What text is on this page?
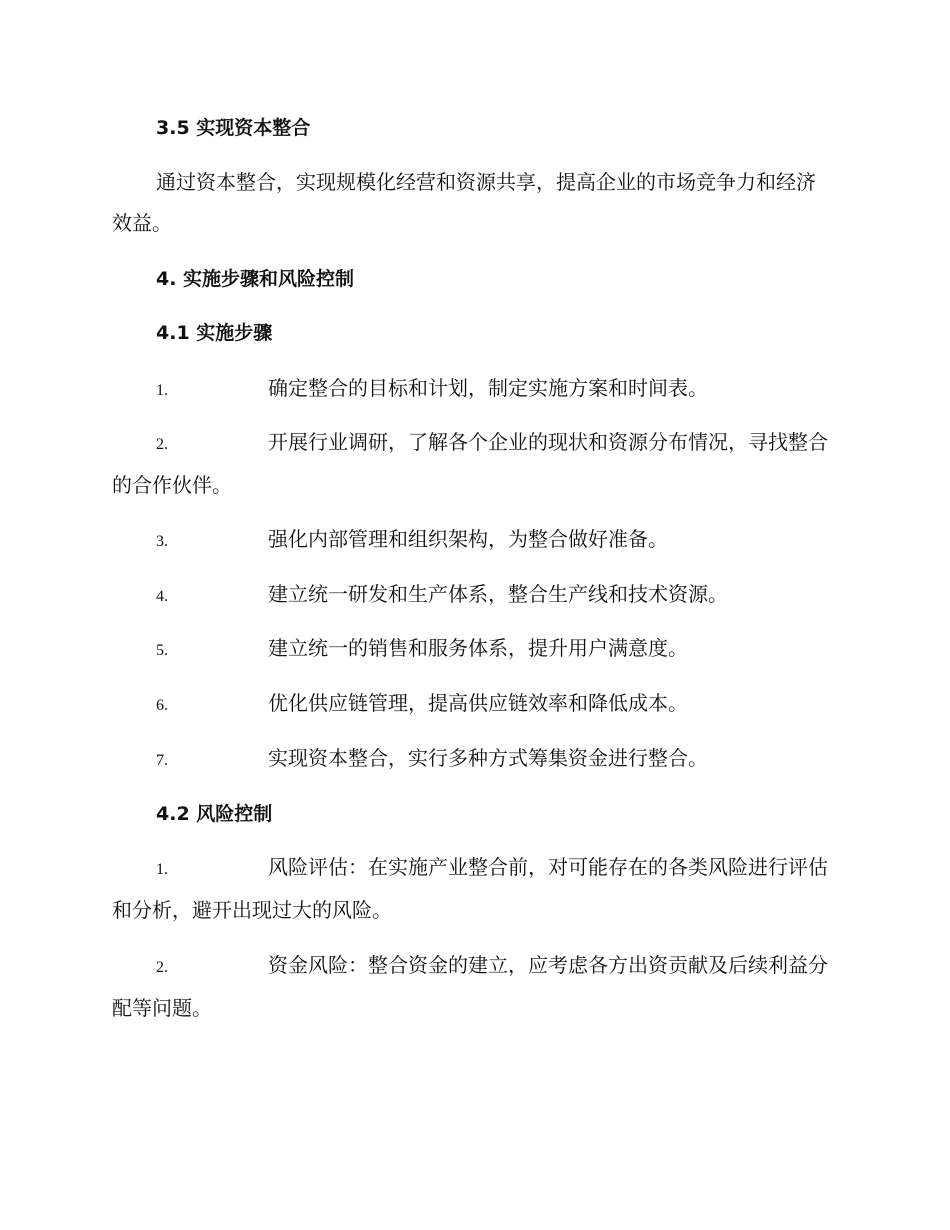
3.5 实现资本整合

通过资本整合，实现规模化经营和资源共享，提高企业的市场竞争力和经济效益。

4. 实施步骤和风险控制
4.1 实施步骤

1.	确定整合的目标和计划，制定实施方案和时间表。

2.	开展行业调研，了解各个企业的现状和资源分布情况，寻找整合的合作伙伴。

3.	强化内部管理和组织架构，为整合做好准备。

4.	建立统一研发和生产体系，整合生产线和技术资源。

5.	建立统一的销售和服务体系，提升用户满意度。

6.	优化供应链管理，提高供应链效率和降低成本。

7.	实现资本整合，实行多种方式筹集资金进行整合。

4.2 风险控制

1.	风险评估：在实施产业整合前，对可能存在的各类风险进行评估和分析，避开出现过大的风险。

2.	资金风险：整合资金的建立，应考虑各方出资贡献及后续利益分配等问题。
